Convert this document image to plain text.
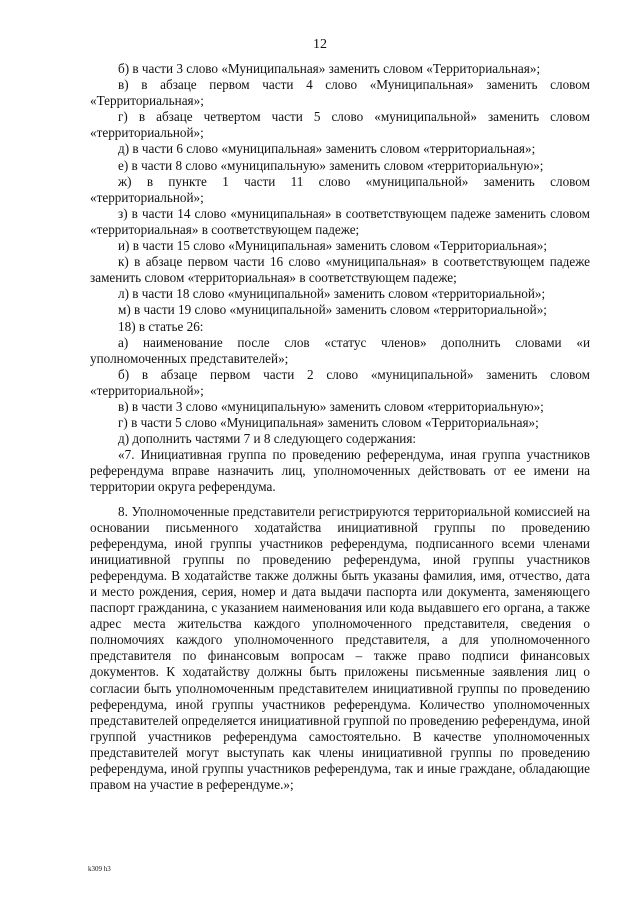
12

б) в части 3 слово «Муниципальная» заменить словом «Территориальная»;

в) в абзаце первом части 4 слово «Муниципальная» заменить словом «Территориальная»;

г) в абзаце четвертом части 5 слово «муниципальной» заменить словом «территориальной»;

д) в части 6 слово «муниципальная» заменить словом «территориальная»;

е) в части 8 слово «муниципальную» заменить словом «территориальную»;

ж) в пункте 1 части 11 слово «муниципальной» заменить словом «территориальной»;

з) в части 14 слово «муниципальная» в соответствующем падеже заменить словом «территориальная» в соответствующем падеже;

и) в части 15 слово «Муниципальная» заменить словом «Территориальная»;

к) в абзаце первом части 16 слово «муниципальная» в соответствующем падеже заменить словом «территориальная» в соответствующем падеже;

л) в части 18 слово «муниципальной» заменить словом «территориальной»;

м) в части 19 слово «муниципальной» заменить словом «территориальной»;

18) в статье 26:

а) наименование после слов «статус членов» дополнить словами «и уполномоченных представителей»;

б) в абзаце первом части 2 слово «муниципальной» заменить словом «территориальной»;

в) в части 3 слово «муниципальную» заменить словом «территориальную»;

г) в части 5 слово «Муниципальная» заменить словом «Территориальная»;

д) дополнить частями 7 и 8 следующего содержания:

«7. Инициативная группа по проведению референдума, иная группа участников референдума вправе назначить лиц, уполномоченных действовать от ее имени на территории округа референдума.

8. Уполномоченные представители регистрируются территориальной комиссией на основании письменного ходатайства инициативной группы по проведению референдума, иной группы участников референдума, подписанного всеми членами инициативной группы по проведению референдума, иной группы участников референдума. В ходатайстве также должны быть указаны фамилия, имя, отчество, дата и место рождения, серия, номер и дата выдачи паспорта или документа, заменяющего паспорт гражданина, с указанием наименования или кода выдавшего его органа, а также адрес места жительства каждого уполномоченного представителя, сведения о полномочиях каждого уполномоченного представителя, а для уполномоченного представителя по финансовым вопросам – также право подписи финансовых документов. К ходатайству должны быть приложены письменные заявления лиц о согласии быть уполномоченным представителем инициативной группы по проведению референдума, иной группы участников референдума. Количество уполномоченных представителей определяется инициативной группой по проведению референдума, иной группой участников референдума самостоятельно. В качестве уполномоченных представителей могут выступать как члены инициативной группы по проведению референдума, иной группы участников референдума, так и иные граждане, обладающие правом на участие в референдуме.»;

k309 h3
